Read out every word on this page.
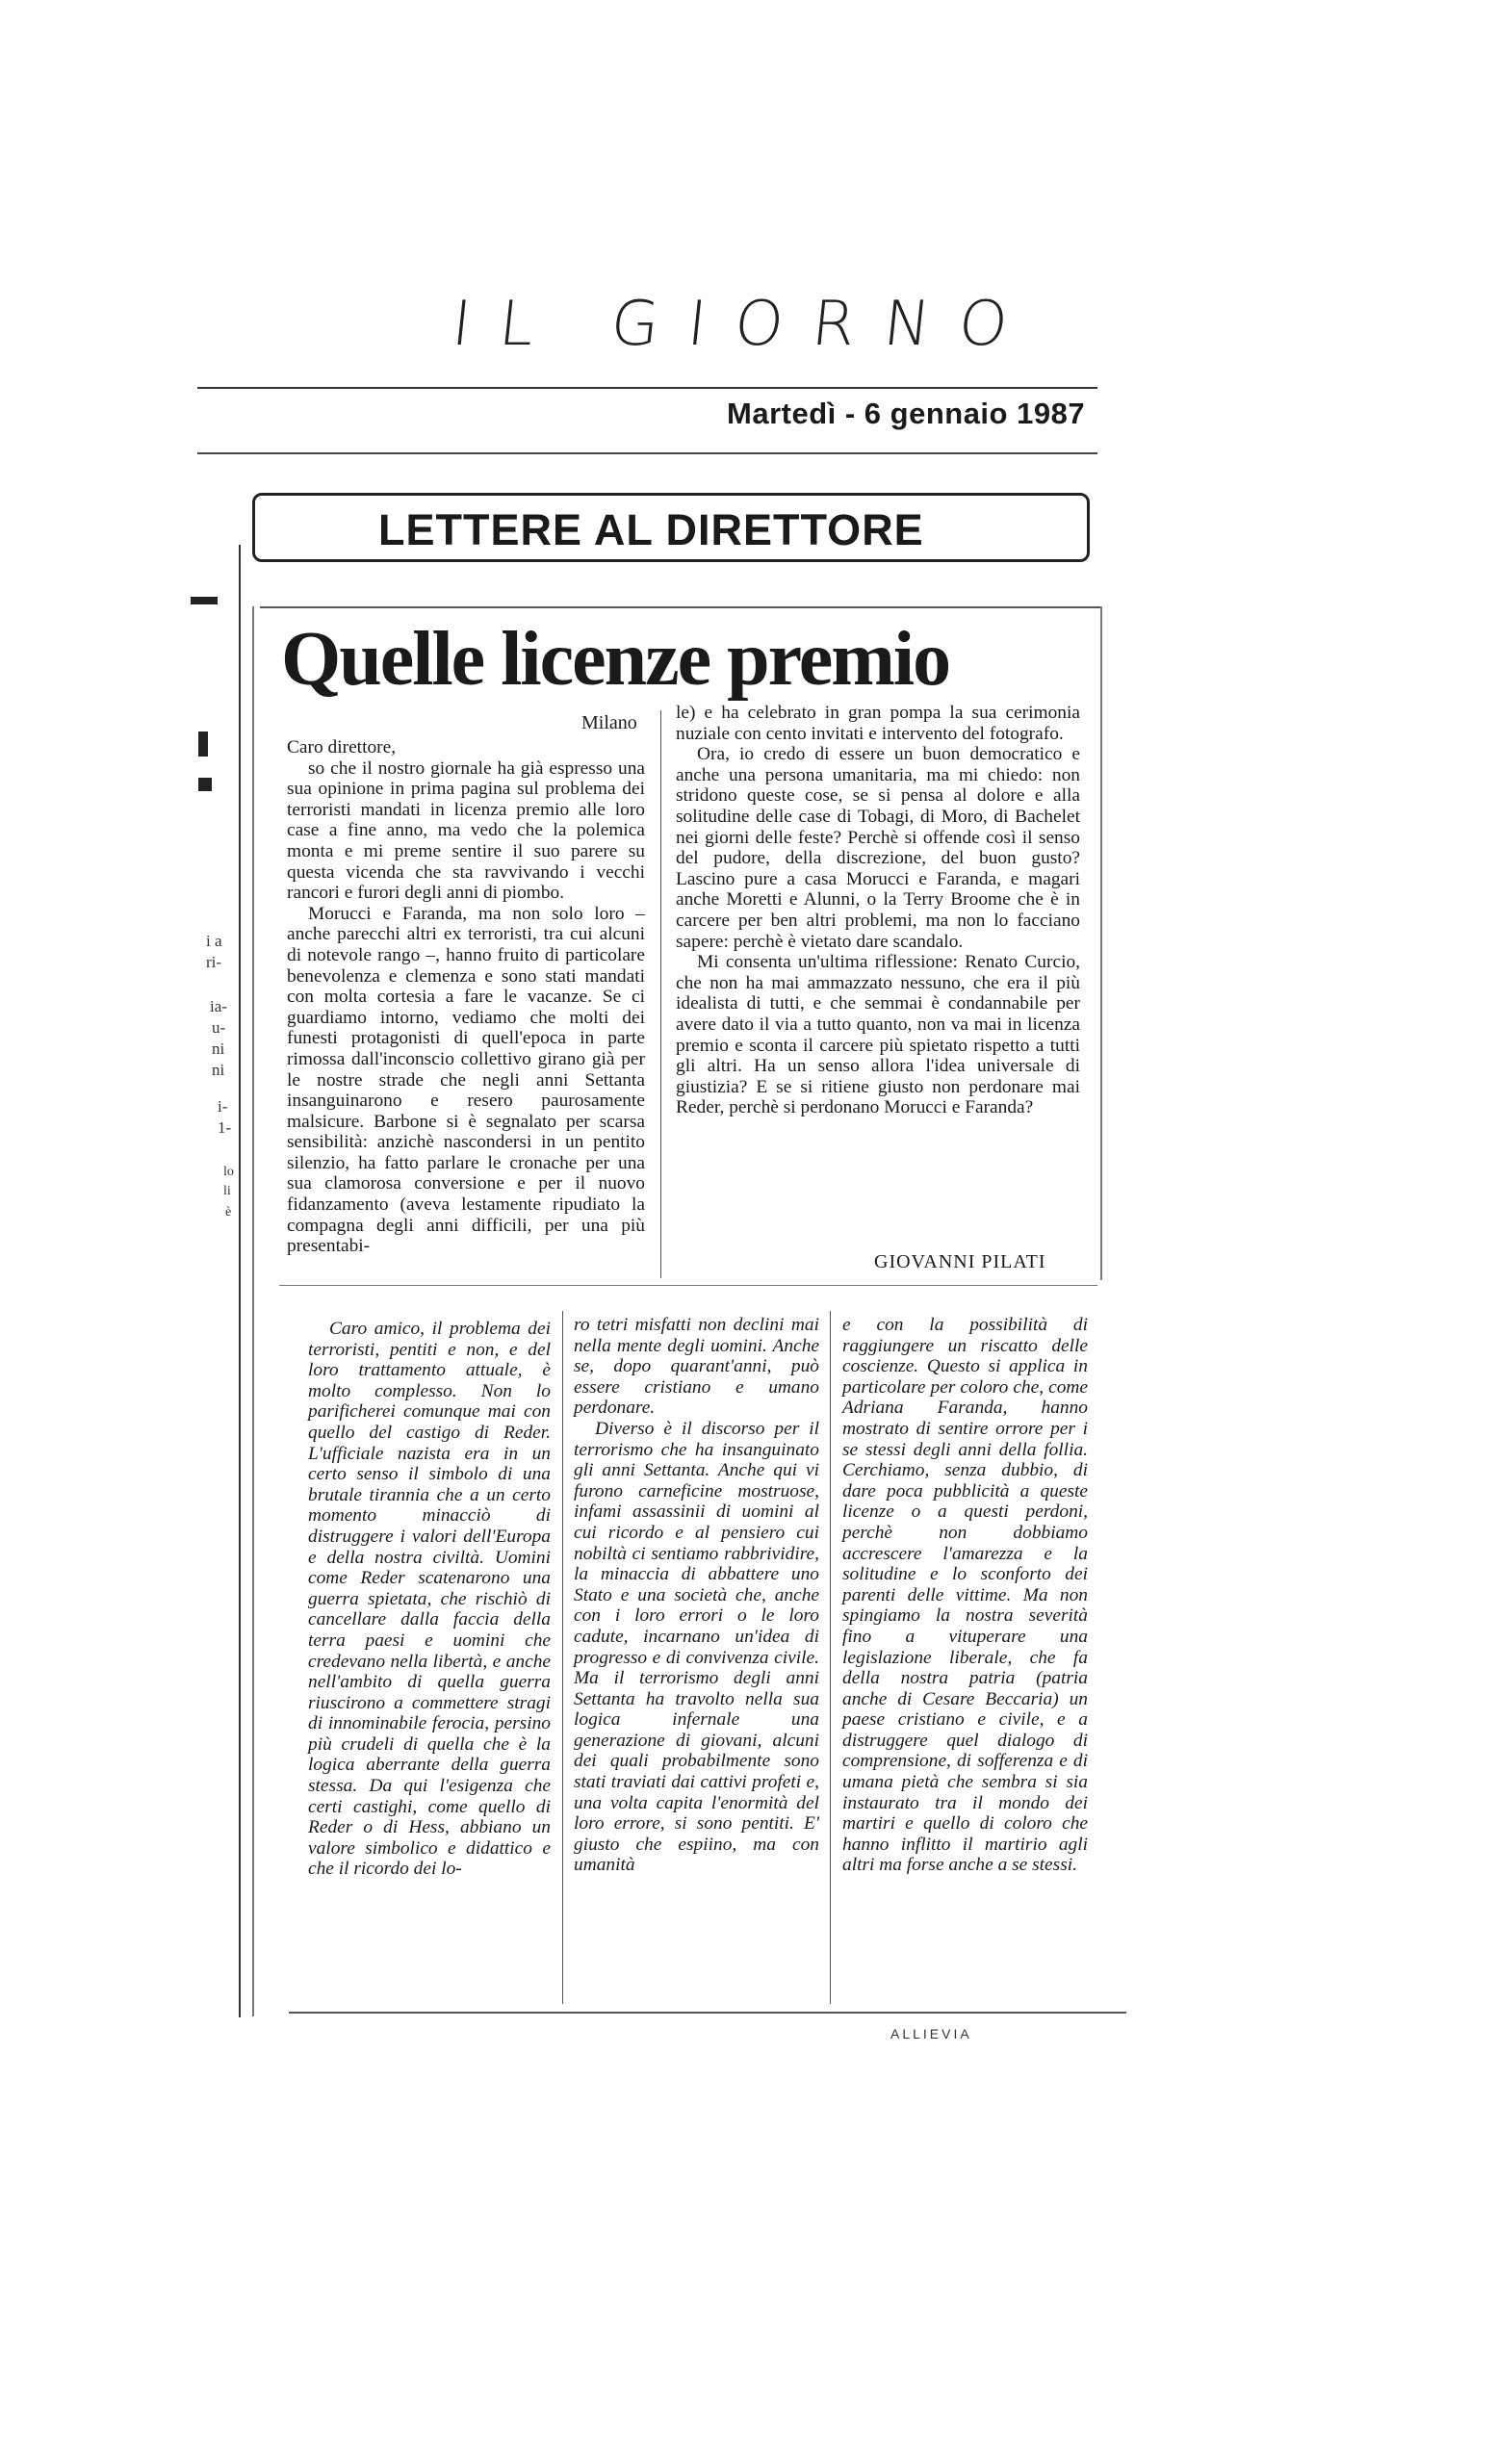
IL GIORNO
Martedì - 6 gennaio 1987
LETTERE AL DIRETTORE
i a
ri-
ia-
u-
ni
ni
i-
1-
lo
li
è
Quelle licenze premio
Milano

Caro direttore,

so che il nostro giornale ha già espresso una sua opinione in prima pagina sul problema dei terroristi mandati in licenza premio alle loro case a fine anno, ma vedo che la polemica monta e mi preme sentire il suo parere su questa vicenda che sta ravvivando i vecchi rancori e furori degli anni di piombo.

Morucci e Faranda, ma non solo loro – anche parecchi altri ex terroristi, tra cui alcuni di notevole rango –, hanno fruito di particolare benevolenza e clemenza e sono stati mandati con molta cortesia a fare le vacanze. Se ci guardiamo intorno, vediamo che molti dei funesti protagonisti di quell'epoca in parte rimossa dall'inconscio collettivo girano già per le nostre strade che negli anni Settanta insanguinarono e resero paurosamente malsicure. Barbone si è segnalato per scarsa sensibilità: anzichè nascondersi in un pentito silenzio, ha fatto parlare le cronache per una sua clamorosa conversione e per il nuovo fidanzamento (aveva lestamente ripudiato la compagna degli anni difficili, per una più presentabi-

le) e ha celebrato in gran pompa la sua cerimonia nuziale con cento invitati e intervento del fotografo.

Ora, io credo di essere un buon democratico e anche una persona umanitaria, ma mi chiedo: non stridono queste cose, se si pensa al dolore e alla solitudine delle case di Tobagi, di Moro, di Bachelet nei giorni delle feste? Perchè si offende così il senso del pudore, della discrezione, del buon gusto? Lascino pure a casa Morucci e Faranda, e magari anche Moretti e Alunni, o la Terry Broome che è in carcere per ben altri problemi, ma non lo facciano sapere: perchè è vietato dare scandalo.

Mi consenta un'ultima riflessione: Renato Curcio, che non ha mai ammazzato nessuno, che era il più idealista di tutti, e che semmai è condannabile per avere dato il via a tutto quanto, non va mai in licenza premio e sconta il carcere più spietato rispetto a tutti gli altri. Ha un senso allora l'idea universale di giustizia? E se si ritiene giusto non perdonare mai Reder, perchè si perdonano Morucci e Faranda?

GIOVANNI PILATI

Caro amico, il problema dei terroristi, pentiti e non, e del loro trattamento attuale, è molto complesso. Non lo parificherei comunque mai con quello del castigo di Reder. L'ufficiale nazista era in un certo senso il simbolo di una brutale tirannia che a un certo momento minacciò di distruggere i valori dell'Europa e della nostra civiltà. Uomini come Reder scatenarono una guerra spietata, che rischiò di cancellare dalla faccia della terra paesi e uomini che credevano nella libertà, e anche nell'ambito di quella guerra riuscirono a commettere stragi di innominabile ferocia, persino più crudeli di quella che è la logica aberrante della guerra stessa. Da qui l'esigenza che certi castighi, come quello di Reder o di Hess, abbiano un valore simbolico e didattico e che il ricordo dei lo-

ro tetri misfatti non declini mai nella mente degli uomini. Anche se, dopo quarant'anni, può essere cristiano e umano perdonare.

Diverso è il discorso per il terrorismo che ha insanguinato gli anni Settanta. Anche qui vi furono carneficine mostruose, infami assassinii di uomini al cui ricordo e al pensiero cui nobiltà ci sentiamo rabbrividire, la minaccia di abbattere uno Stato e una società che, anche con i loro errori o le loro cadute, incarnano un'idea di progresso e di convivenza civile. Ma il terrorismo degli anni Settanta ha travolto nella sua logica infernale una generazione di giovani, alcuni dei quali probabilmente sono stati traviati dai cattivi profeti e, una volta capita l'enormità del loro errore, si sono pentiti. E' giusto che espiino, ma con umanità

e con la possibilità di raggiungere un riscatto delle coscienze. Questo si applica in particolare per coloro che, come Adriana Faranda, hanno mostrato di sentire orrore per i se stessi degli anni della follia. Cerchiamo, senza dubbio, di dare poca pubblicità a queste licenze o a questi perdoni, perchè non dobbiamo accrescere l'amarezza e la solitudine e lo sconforto dei parenti delle vittime. Ma non spingiamo la nostra severità fino a vituperare una legislazione liberale, che fa della nostra patria (patria anche di Cesare Beccaria) un paese cristiano e civile, e a distruggere quel dialogo di comprensione, di sofferenza e di umana pietà che sembra si sia instaurato tra il mondo dei martiri e quello di coloro che hanno inflitto il martirio agli altri ma forse anche a se stessi.

ALLIEVIA
